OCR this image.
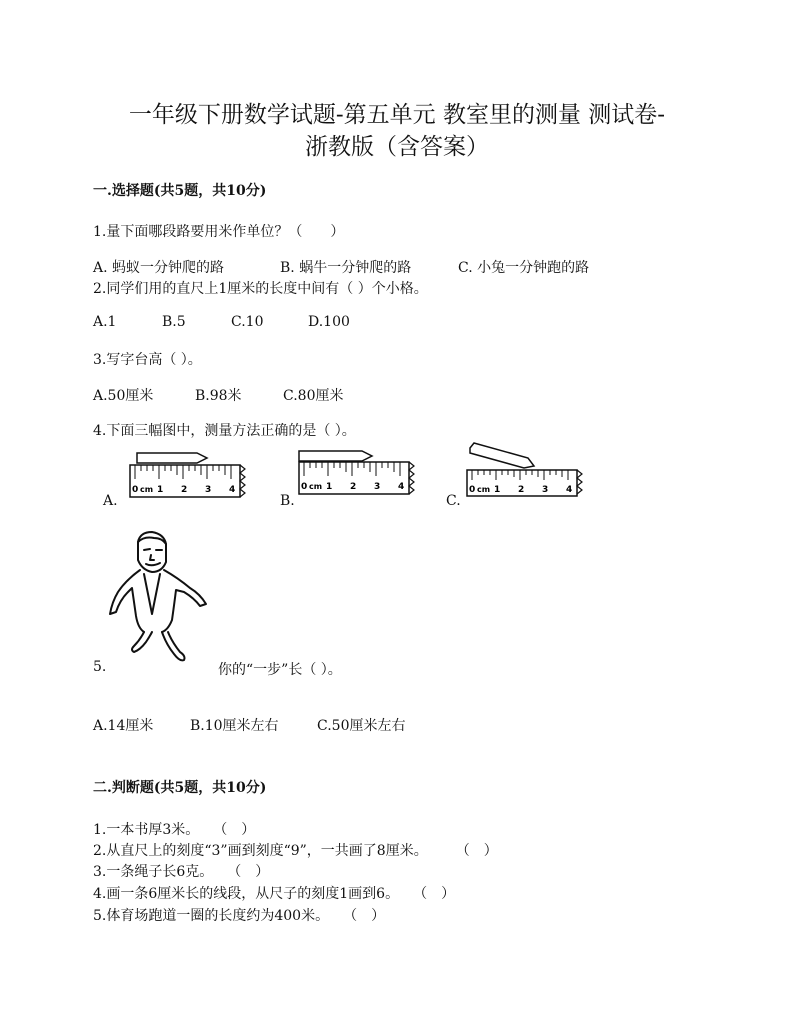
一年级下册数学试题-第五单元 教室里的测量 测试卷-
浙教版（含答案）
一.选择题(共5题，共10分)
1.量下面哪段路要用米作单位？（　　）
A. 蚂蚁一分钟爬的路	B. 蜗牛一分钟爬的路	C. 小兔一分钟跑的路
2.同学们用的直尺上1厘米的长度中间有（ ）个小格。
A.1	B.5	C.10	D.100
3.写字台高（ ）。
A.50厘米	B.98米	C.80厘米
4.下面三幅图中，测量方法正确的是（ ）。
0 cm 1 2 3 4
A.
0 cm 1 2 3 4
B.
0 cm 1 2 3 4
C.
5.	你的“一步”长（ ）。
A.14厘米	B.10厘米左右	C.50厘米左右
二.判断题(共5题，共10分)
1.一本书厚3米。　　（　）
2.从直尺上的刻度“3”画到刻度“9”，一共画了8厘米。　　　（　）
3.一条绳子长6克。　　（　）
4.画一条6厘米长的线段，从尺子的刻度1画到6。　　（　）
5.体育场跑道一圈的长度约为400米。　　（　）
